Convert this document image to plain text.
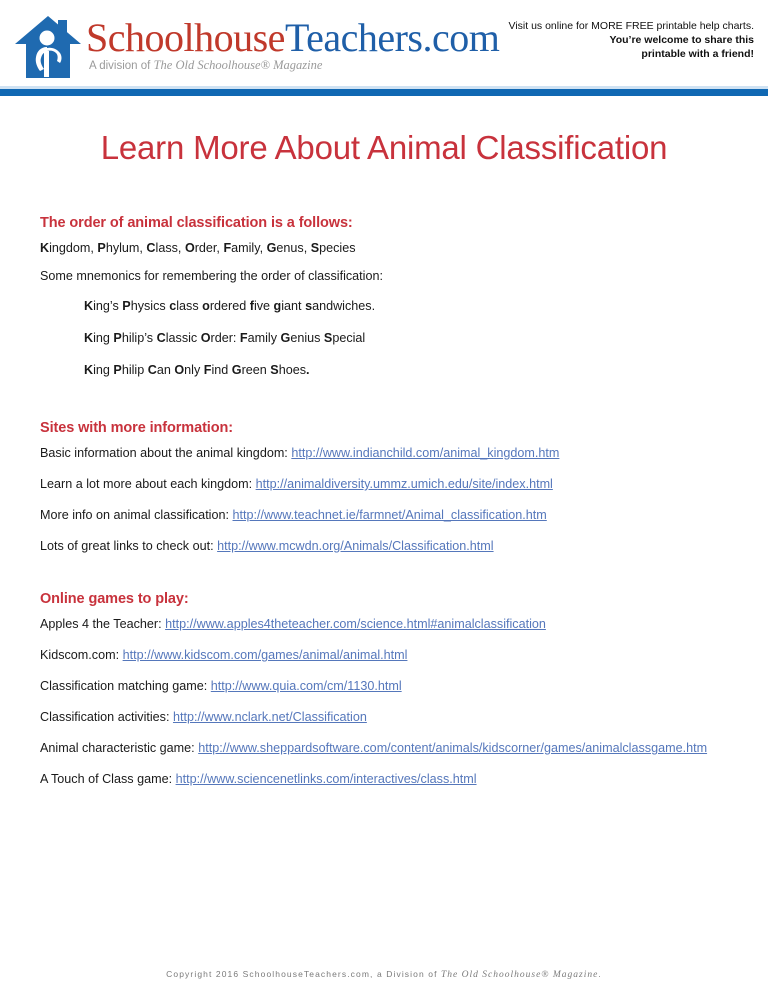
SchoolhouseTeachers.com
A division of The Old Schoolhouse® Magazine
Visit us online for MORE FREE printable help charts.
You’re welcome to share this
printable with a friend!
Learn More About Animal Classification
The order of animal classification is a follows:

Kingdom, Phylum, Class, Order, Family, Genus, Species

Some mnemonics for remembering the order of classification:

King’s Physics class ordered five giant sandwiches.

King Philip’s Classic Order: Family Genius Special

King Philip Can Only Find Green Shoes.

Sites with more information:

Basic information about the animal kingdom: http://www.indianchild.com/animal_kingdom.htm

Learn a lot more about each kingdom: http://animaldiversity.ummz.umich.edu/site/index.html

More info on animal classification: http://www.teachnet.ie/farmnet/Animal_classification.htm

Lots of great links to check out: http://www.mcwdn.org/Animals/Classification.html

Online games to play:

Apples 4 the Teacher: http://www.apples4theteacher.com/science.html#animalclassification

Kidscom.com: http://www.kidscom.com/games/animal/animal.html

Classification matching game: http://www.quia.com/cm/1130.html

Classification activities: http://www.nclark.net/Classification

Animal characteristic game: http://www.sheppardsoftware.com/content/animals/kidscorner/games/animalclassgame.htm

A Touch of Class game: http://www.sciencenetlinks.com/interactives/class.html

Copyright 2016 SchoolhouseTeachers.com, a Division of The Old Schoolhouse® Magazine.
